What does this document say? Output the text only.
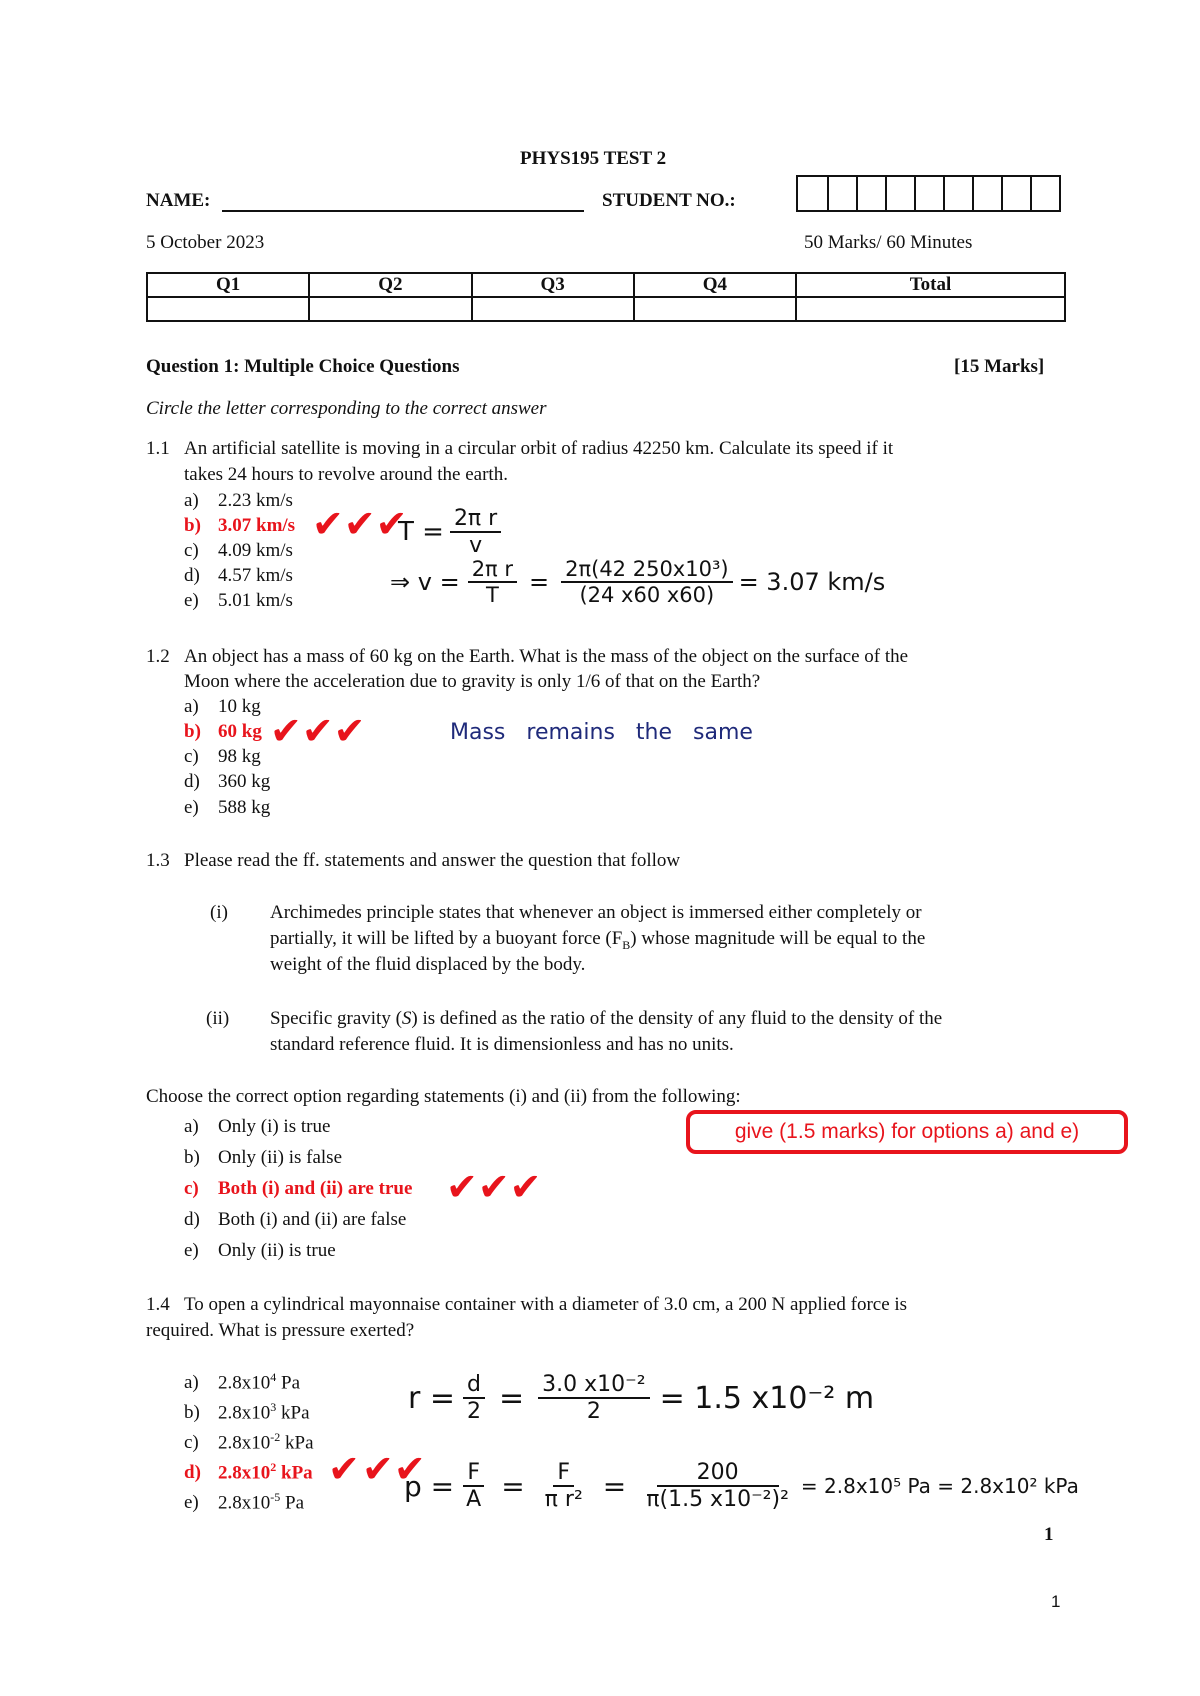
PHYS195 TEST 2
NAME:	STUDENT NO.:
5 October 2023	50 Marks/ 60 Minutes
Q1	Q2	Q3	Q4	Total

Question 1: Multiple Choice Questions	[15 Marks]
Circle the letter corresponding to the correct answer
1.1 An artificial satellite is moving in a circular orbit of radius 42250 km. Calculate its speed if it
takes 24 hours to revolve around the earth.
a) 2.23 km/s
b) 3.07 km/s
c) 4.09 km/s
d) 4.57 km/s
e) 5.01 km/s
✔✔✔
$T = \frac{\text{2π r}}{v}$
⇒ $v = \frac{\text{2π r}}{T} = \frac{\text{2π(42 250x10³)}}{(24 x60 x60)} = 3.07$ km/s
1.2 An object has a mass of 60 kg on the Earth. What is the mass of the object on the surface of the
Moon where the acceleration due to gravity is only 1/6 of that on the Earth?
a) 10 kg
b) 60 kg
c) 98 kg
d) 360 kg
e) 588 kg
✔✔✔	Mass remains the same
1.3 Please read the ff. statements and answer the question that follow
(i) Archimedes principle states that whenever an object is immersed either completely or
partially, it will be lifted by a buoyant force $(F_B)$ whose magnitude will be equal to the
weight of the fluid displaced by the body.
(ii) Specific gravity (S) is defined as the ratio of the density of any fluid to the density of the
standard reference fluid. It is dimensionless and has no units.
Choose the correct option regarding statements (i) and (ii) from the following:
a) Only (i) is true
b) Only (ii) is false
c) Both (i) and (ii) are true
d) Both (i) and (ii) are false
e) Only (ii) is true
✔✔✔
give (1.5 marks) for options a) and e)
1.4 To open a cylindrical mayonnaise container with a diameter of 3.0 cm, a 200 N applied force is
required. What is pressure exerted?
a) $2.8x10^4$ Pa
b) $2.8x10^3$ kPa
c) $2.8x10^{-2}$ kPa
d) $2.8x10^2$ kPa
e) $2.8x10^{-5}$ Pa
✔ ✔✔
$r = \frac{d}{2} = \frac{\text{3.0 x10⁻²}}{2} = 1.5$ x10⁻² m
$p = \frac{F}{A} = \frac{F}{\text{π r²}} = \frac{200}{\text{π(1.5 x10⁻²)²}} = 2.8x10^5$ Pa = 2.8x10² kPa
1
1
